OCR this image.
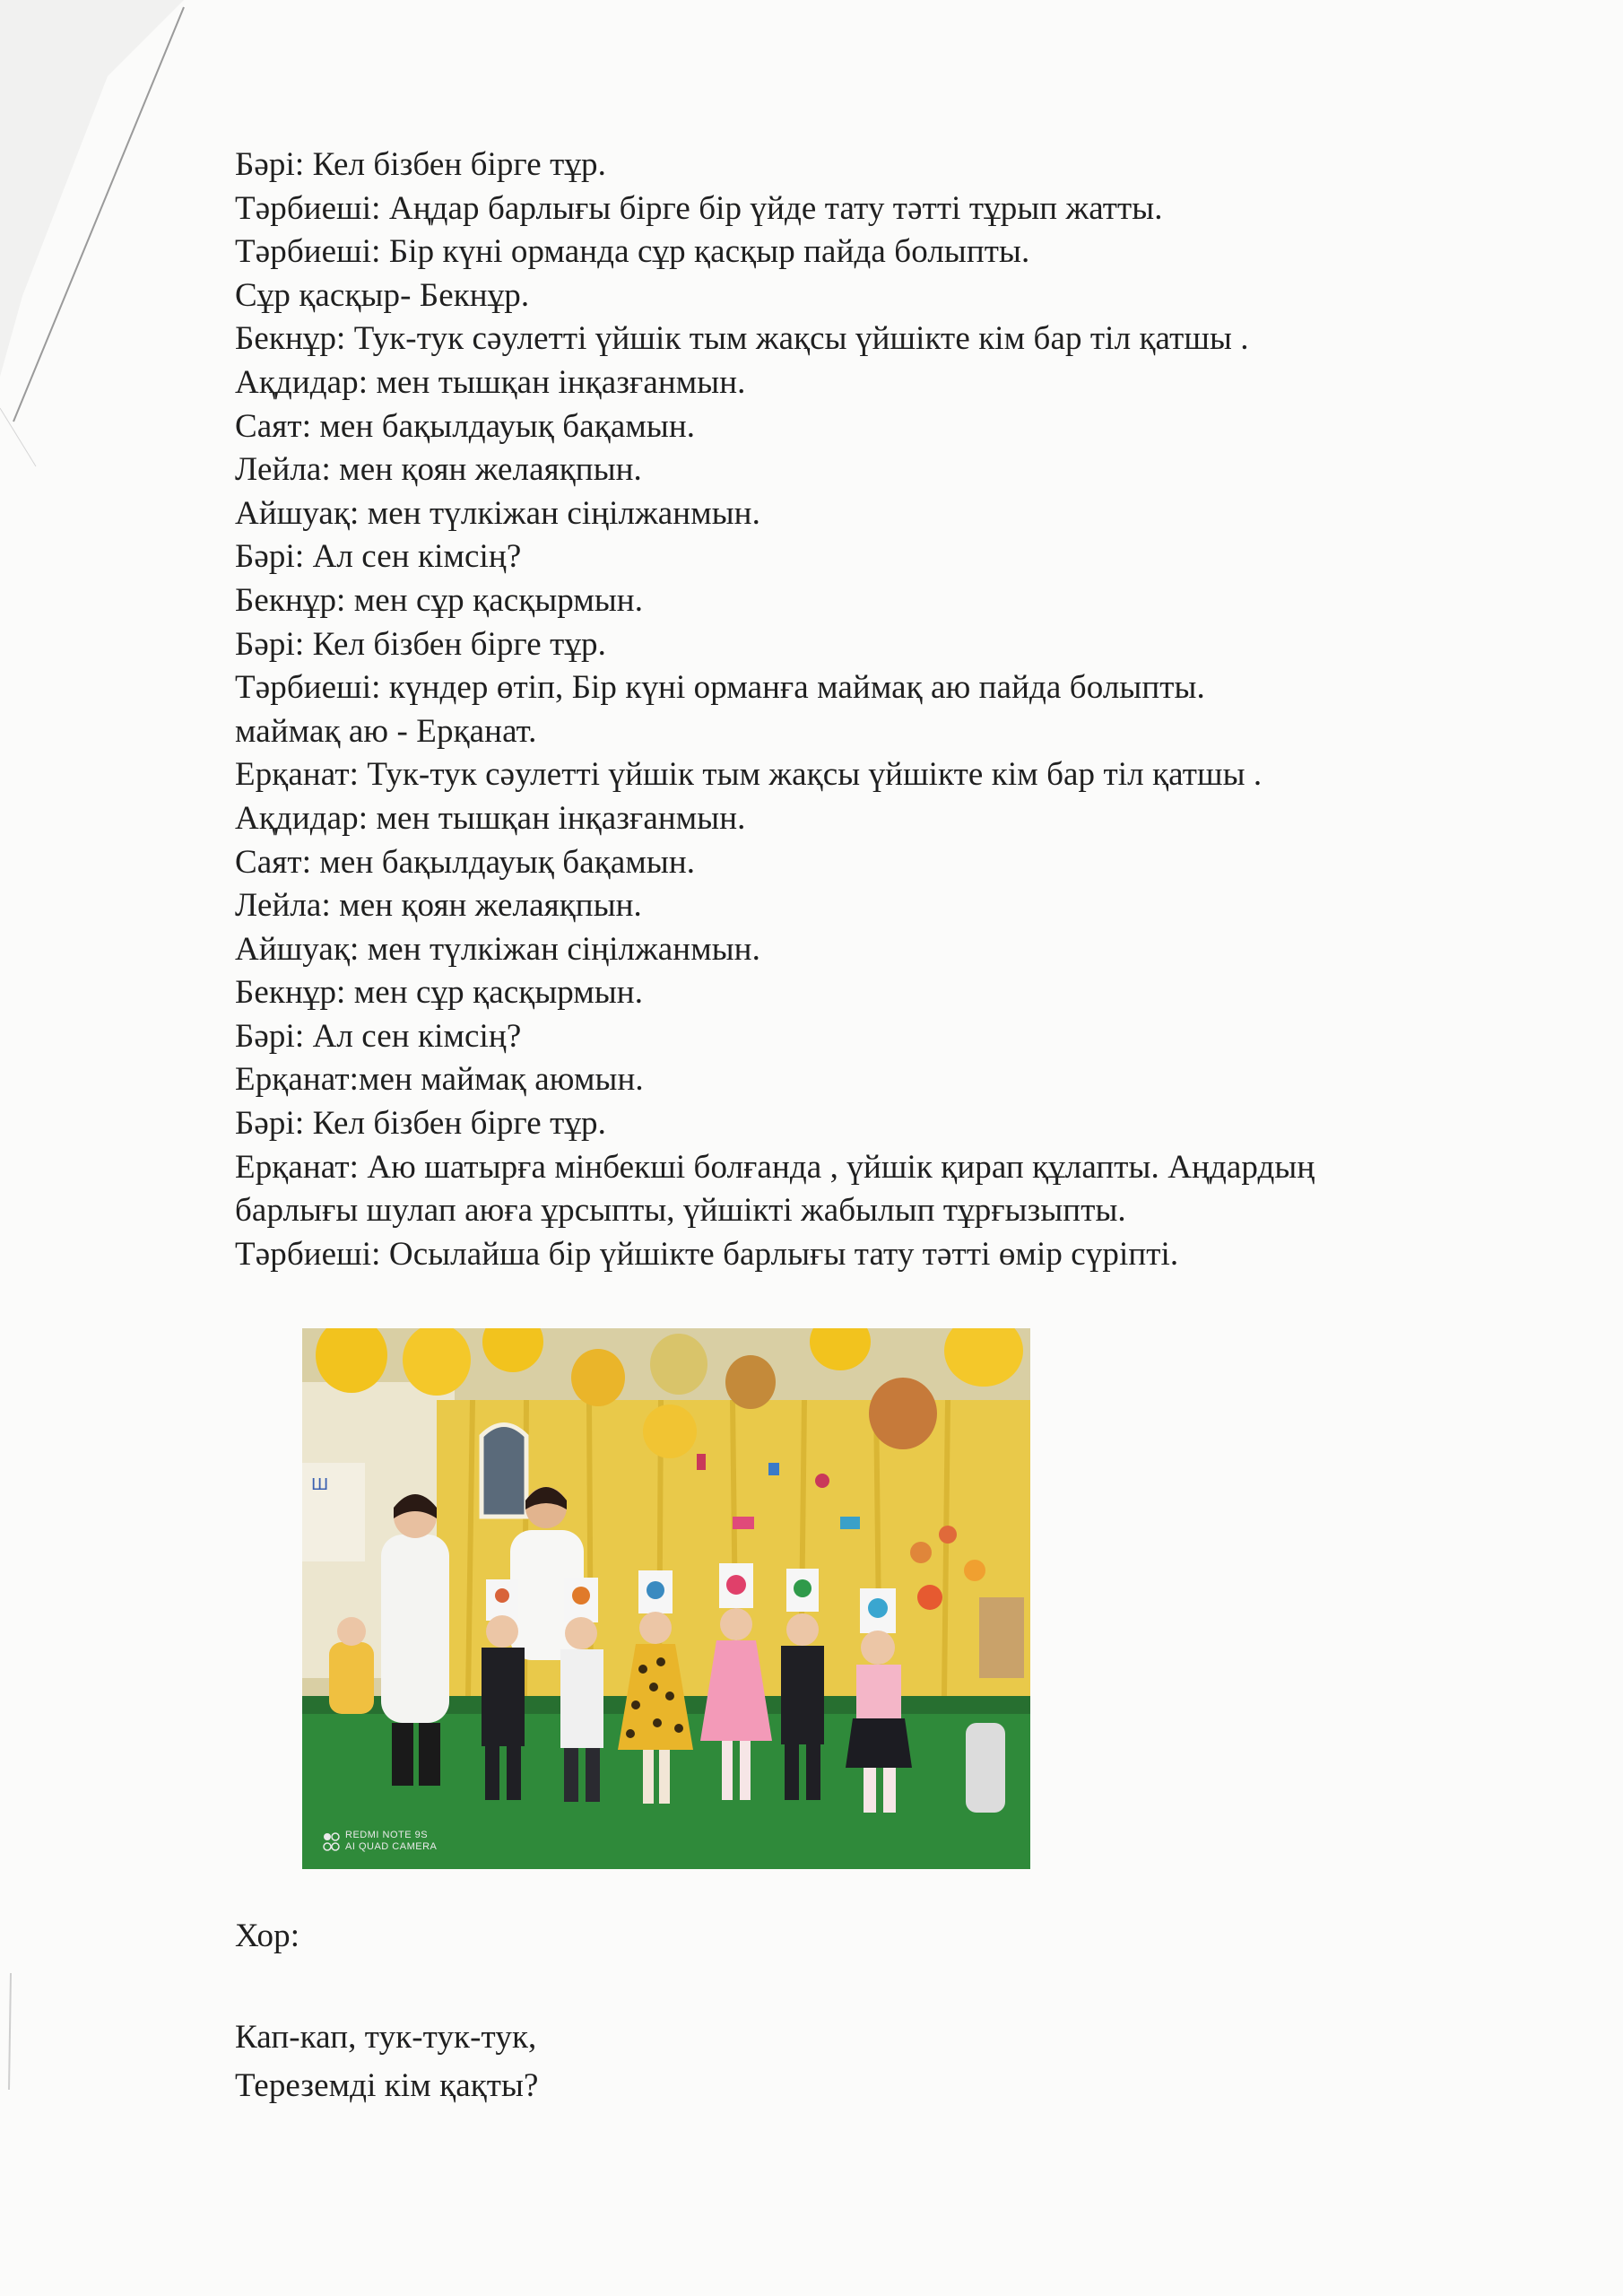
Бәрі: Кел бізбен бірге тұр.
Тәрбиеші: Аңдар барлығы бірге бір үйде тату тәтті тұрып жатты.
Тәрбиеші: Бір күні орманда сұр қасқыр пайда болыпты.
Сұр қасқыр- Бекнұр.
Бекнұр: Тук-тук сәулетті үйшік тым жақсы үйшікте кім бар тіл қатшы .
Ақдидар: мен тышқан інқазғанмын.
Саят: мен бақылдауық бақамын.
Лейла: мен қоян желаяқпын.
Айшуақ: мен түлкіжан сіңілжанмын.
Бәрі: Ал сен кімсің?
Бекнұр: мен сұр қасқырмын.
Бәрі: Кел бізбен бірге тұр.
Тәрбиеші: күндер өтіп, Бір күні орманға маймақ аю пайда болыпты.
маймақ аю - Ерқанат.
Ерқанат: Тук-тук сәулетті үйшік тым жақсы үйшікте кім бар тіл қатшы .
Ақдидар: мен тышқан інқазғанмын.
Саят: мен бақылдауық бақамын.
Лейла: мен қоян желаяқпын.
Айшуақ: мен түлкіжан сіңілжанмын.
Бекнұр: мен сұр қасқырмын.
Бәрі: Ал сен кімсің?
Ерқанат:мен маймақ аюмын.
Бәрі: Кел бізбен бірге тұр.
Ерқанат: Аю шатырға мінбекші болғанда , үйшік қирап құлапты. Аңдардың
барлығы шулап аюға ұрсыпты, үйшікті жабылып тұрғызыпты.
Тәрбиеші: Осылайша бір үйшікте барлығы тату тәтті өмір сүріпті.
Ш
REDMI NOTE 9S
AI QUAD CAMERA
Хор:
Кап-кап, тук-тук-тук,
Тереземді кім қақты?
